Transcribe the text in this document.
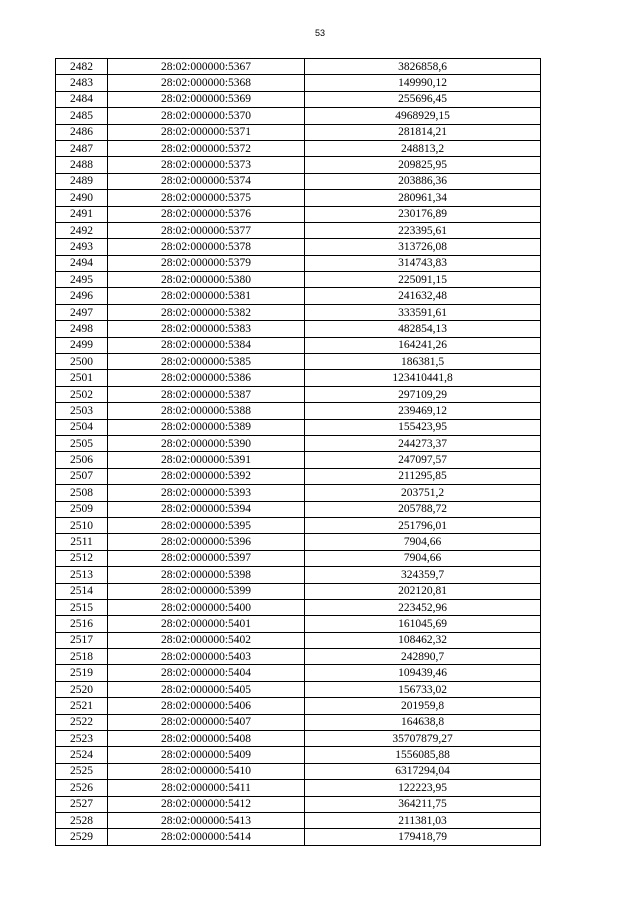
53
2482	28:02:000000:5367	3826858,6
2483	28:02:000000:5368	149990,12
2484	28:02:000000:5369	255696,45
2485	28:02:000000:5370	4968929,15
2486	28:02:000000:5371	281814,21
2487	28:02:000000:5372	248813,2
2488	28:02:000000:5373	209825,95
2489	28:02:000000:5374	203886,36
2490	28:02:000000:5375	280961,34
2491	28:02:000000:5376	230176,89
2492	28:02:000000:5377	223395,61
2493	28:02:000000:5378	313726,08
2494	28:02:000000:5379	314743,83
2495	28:02:000000:5380	225091,15
2496	28:02:000000:5381	241632,48
2497	28:02:000000:5382	333591,61
2498	28:02:000000:5383	482854,13
2499	28:02:000000:5384	164241,26
2500	28:02:000000:5385	186381,5
2501	28:02:000000:5386	123410441,8
2502	28:02:000000:5387	297109,29
2503	28:02:000000:5388	239469,12
2504	28:02:000000:5389	155423,95
2505	28:02:000000:5390	244273,37
2506	28:02:000000:5391	247097,57
2507	28:02:000000:5392	211295,85
2508	28:02:000000:5393	203751,2
2509	28:02:000000:5394	205788,72
2510	28:02:000000:5395	251796,01
2511	28:02:000000:5396	7904,66
2512	28:02:000000:5397	7904,66
2513	28:02:000000:5398	324359,7
2514	28:02:000000:5399	202120,81
2515	28:02:000000:5400	223452,96
2516	28:02:000000:5401	161045,69
2517	28:02:000000:5402	108462,32
2518	28:02:000000:5403	242890,7
2519	28:02:000000:5404	109439,46
2520	28:02:000000:5405	156733,02
2521	28:02:000000:5406	201959,8
2522	28:02:000000:5407	164638,8
2523	28:02:000000:5408	35707879,27
2524	28:02:000000:5409	1556085,88
2525	28:02:000000:5410	6317294,04
2526	28:02:000000:5411	122223,95
2527	28:02:000000:5412	364211,75
2528	28:02:000000:5413	211381,03
2529	28:02:000000:5414	179418,79
